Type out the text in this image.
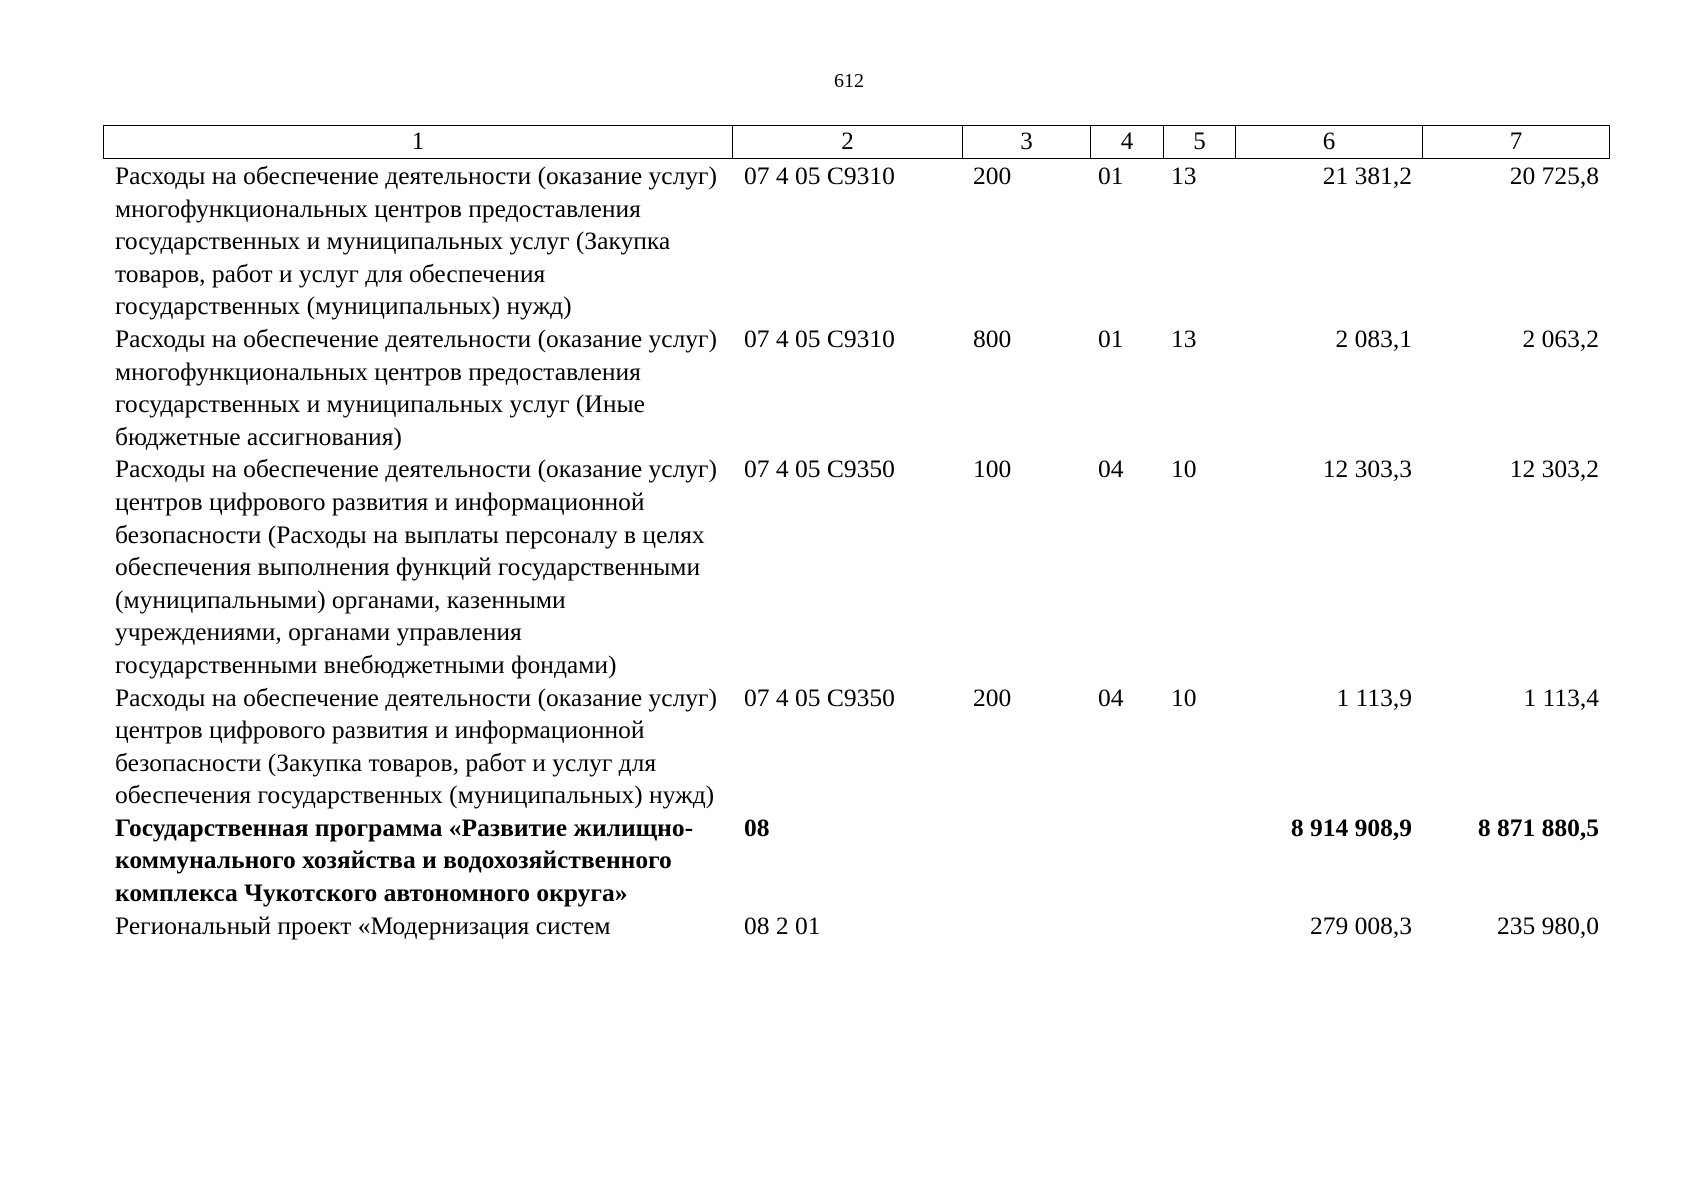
612
1	2	3	4	5	6	7
Расходы на обеспечение деятельности (оказание услуг) многофункциональных центров предоставления государственных и муниципальных услуг (Закупка товаров, работ и услуг для обеспечения государственных (муниципальных) нужд)	07 4 05 С9310	200	01	13	21 381,2	20 725,8
Расходы на обеспечение деятельности (оказание услуг) многофункциональных центров предоставления государственных и муниципальных услуг (Иные бюджетные ассигнования)	07 4 05 С9310	800	01	13	2 083,1	2 063,2
Расходы на обеспечение деятельности (оказание услуг) центров цифрового развития и информационной безопасности (Расходы на выплаты персоналу в целях обеспечения выполнения функций государственными (муниципальными) органами, казенными учреждениями, органами управления государственными внебюджетными фондами)	07 4 05 С9350	100	04	10	12 303,3	12 303,2
Расходы на обеспечение деятельности (оказание услуг) центров цифрового развития и информационной безопасности (Закупка товаров, работ и услуг для обеспечения государственных (муниципальных) нужд)	07 4 05 С9350	200	04	10	1 113,9	1 113,4
Государственная программа «Развитие жилищно-коммунального хозяйства и водохозяйственного комплекса Чукотского автономного округа»	08				8 914 908,9	8 871 880,5
Региональный проект «Модернизация систем	08 2 01				279 008,3	235 980,0
